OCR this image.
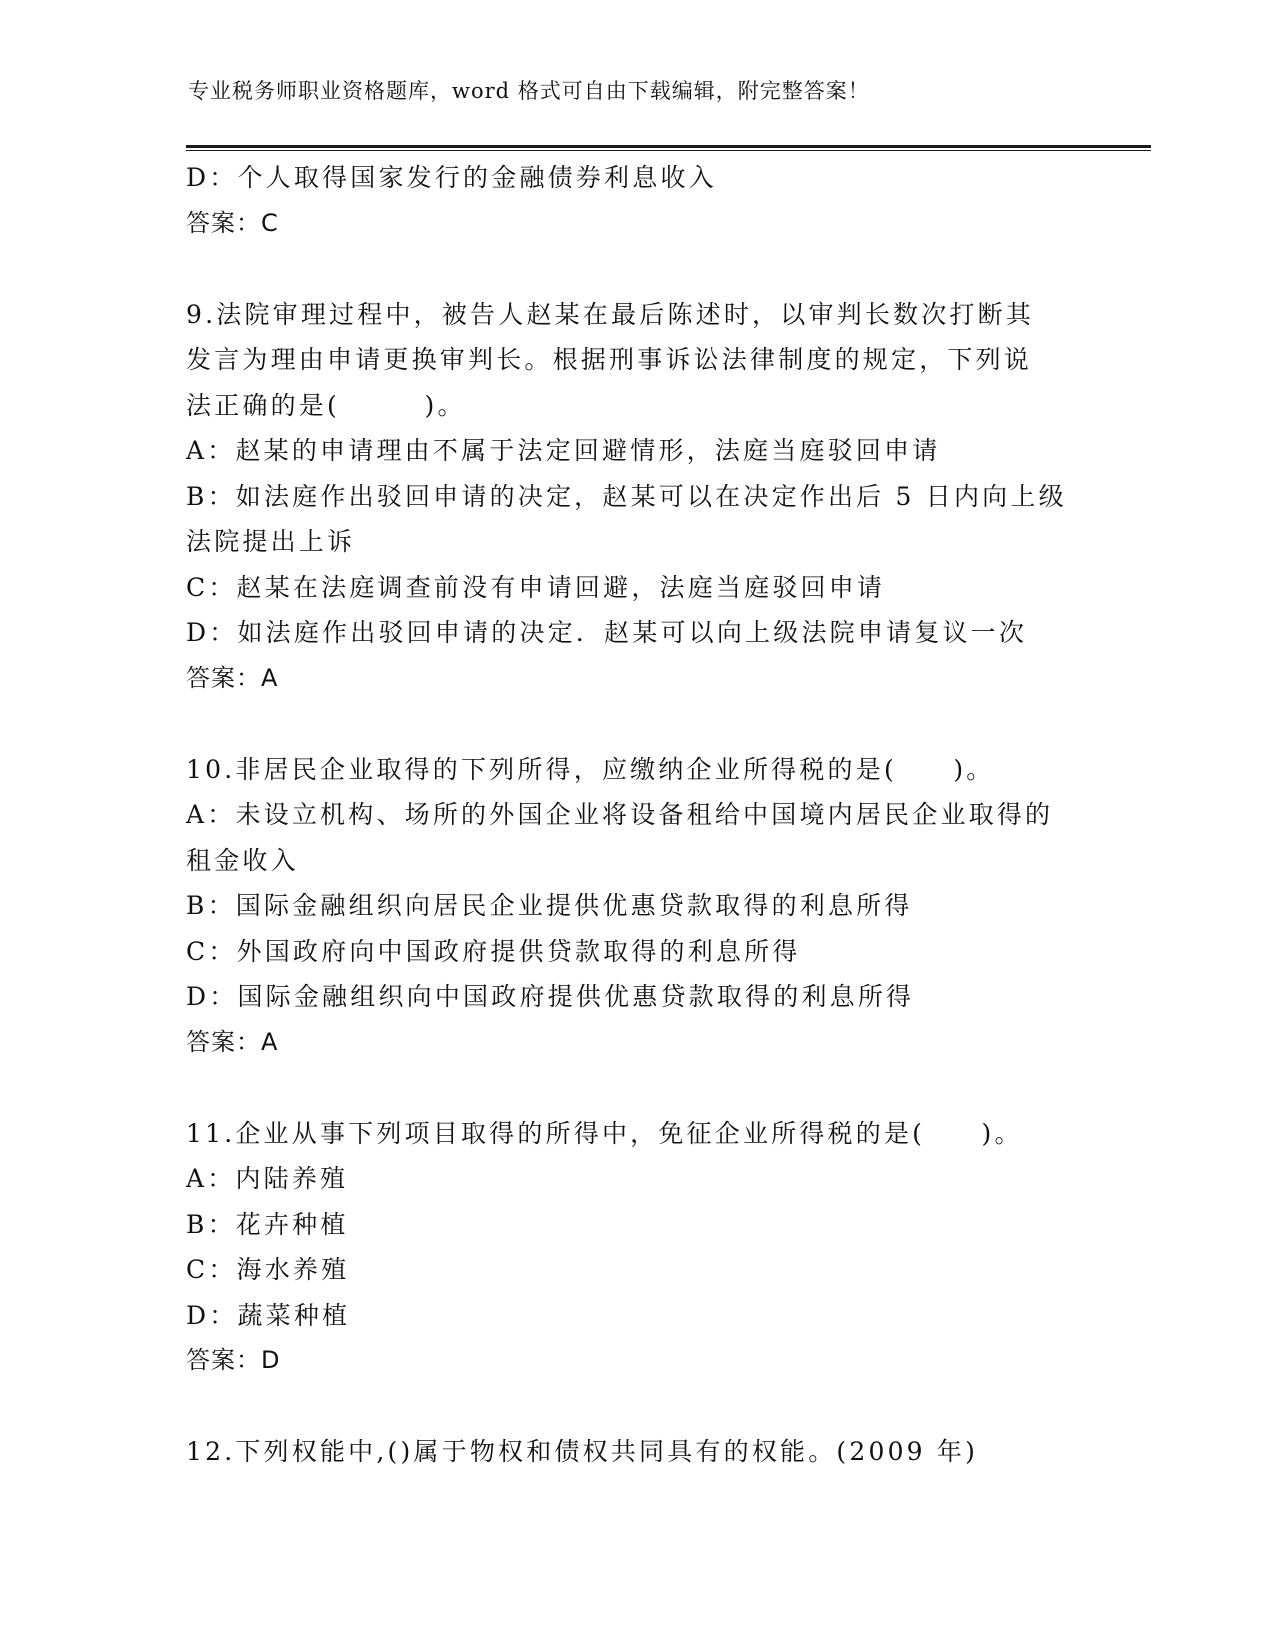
专业税务师职业资格题库，word 格式可自由下载编辑，附完整答案！
D：个人取得国家发行的金融债券利息收入
答案：C
9.法院审理过程中，被告人赵某在最后陈述时，以审判长数次打断其
发言为理由申请更换审判长。根据刑事诉讼法律制度的规定，下列说
法正确的是(　　　)。
A：赵某的申请理由不属于法定回避情形，法庭当庭驳回申请
B：如法庭作出驳回申请的决定，赵某可以在决定作出后 5 日内向上级
法院提出上诉
C：赵某在法庭调查前没有申请回避，法庭当庭驳回申请
D：如法庭作出驳回申请的决定．赵某可以向上级法院申请复议一次
答案：A
10.非居民企业取得的下列所得，应缴纳企业所得税的是(　　)。
A：未设立机构、场所的外国企业将设备租给中国境内居民企业取得的
租金收入
B：国际金融组织向居民企业提供优惠贷款取得的利息所得
C：外国政府向中国政府提供贷款取得的利息所得
D：国际金融组织向中国政府提供优惠贷款取得的利息所得
答案：A
11.企业从事下列项目取得的所得中，免征企业所得税的是(　　)。
A：内陆养殖
B：花卉种植
C：海水养殖
D：蔬菜种植
答案：D
12.下列权能中,()属于物权和债权共同具有的权能。(2009 年)
